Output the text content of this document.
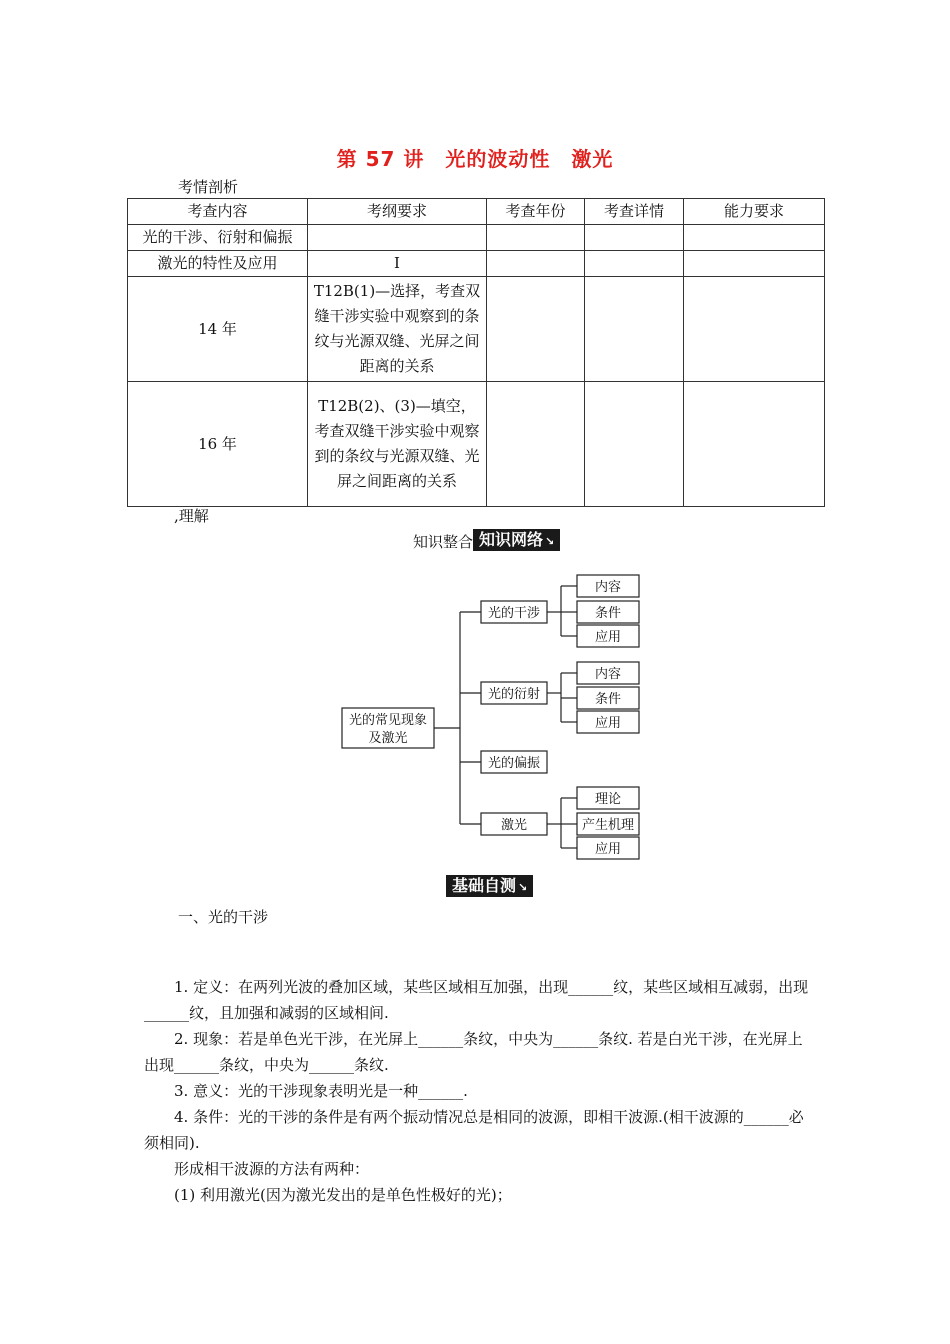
第 57 讲　光的波动性　激光
考情剖析
考查内容	考纲要求	考查年份	考查详情	能力要求
光的干涉、衍射和偏振				
激光的特性及应用	Ⅰ			
14 年	T12B(1)—选择，考查双缝干涉实验中观察到的条纹与光源双缝、光屏之间距离的关系			
16 年	T12B(2)、(3)—填空，考查双缝干涉实验中观察到的条纹与光源双缝、光屏之间距离的关系			
,理解
知识整合 知识网络 ↘
光的常见现象
及激光
光的干涉
光的衍射
光的偏振
激光
内容
条件
应用
内容
条件
应用
理论
产生机理
应用
基础自测 ↘
一、光的干涉

1. 定义：在两列光波的叠加区域，某些区域相互加强，出现______纹，某些区域相互减弱，出现______纹，且加强和减弱的区域相间.

2. 现象：若是单色光干涉，在光屏上______条纹，中央为______条纹. 若是白光干涉，在光屏上出现______条纹，中央为______条纹.

3. 意义：光的干涉现象表明光是一种______.

4. 条件：光的干涉的条件是有两个振动情况总是相同的波源，即相干波源.(相干波源的______必须相同).

形成相干波源的方法有两种：

(1) 利用激光(因为激光发出的是单色性极好的光)；
